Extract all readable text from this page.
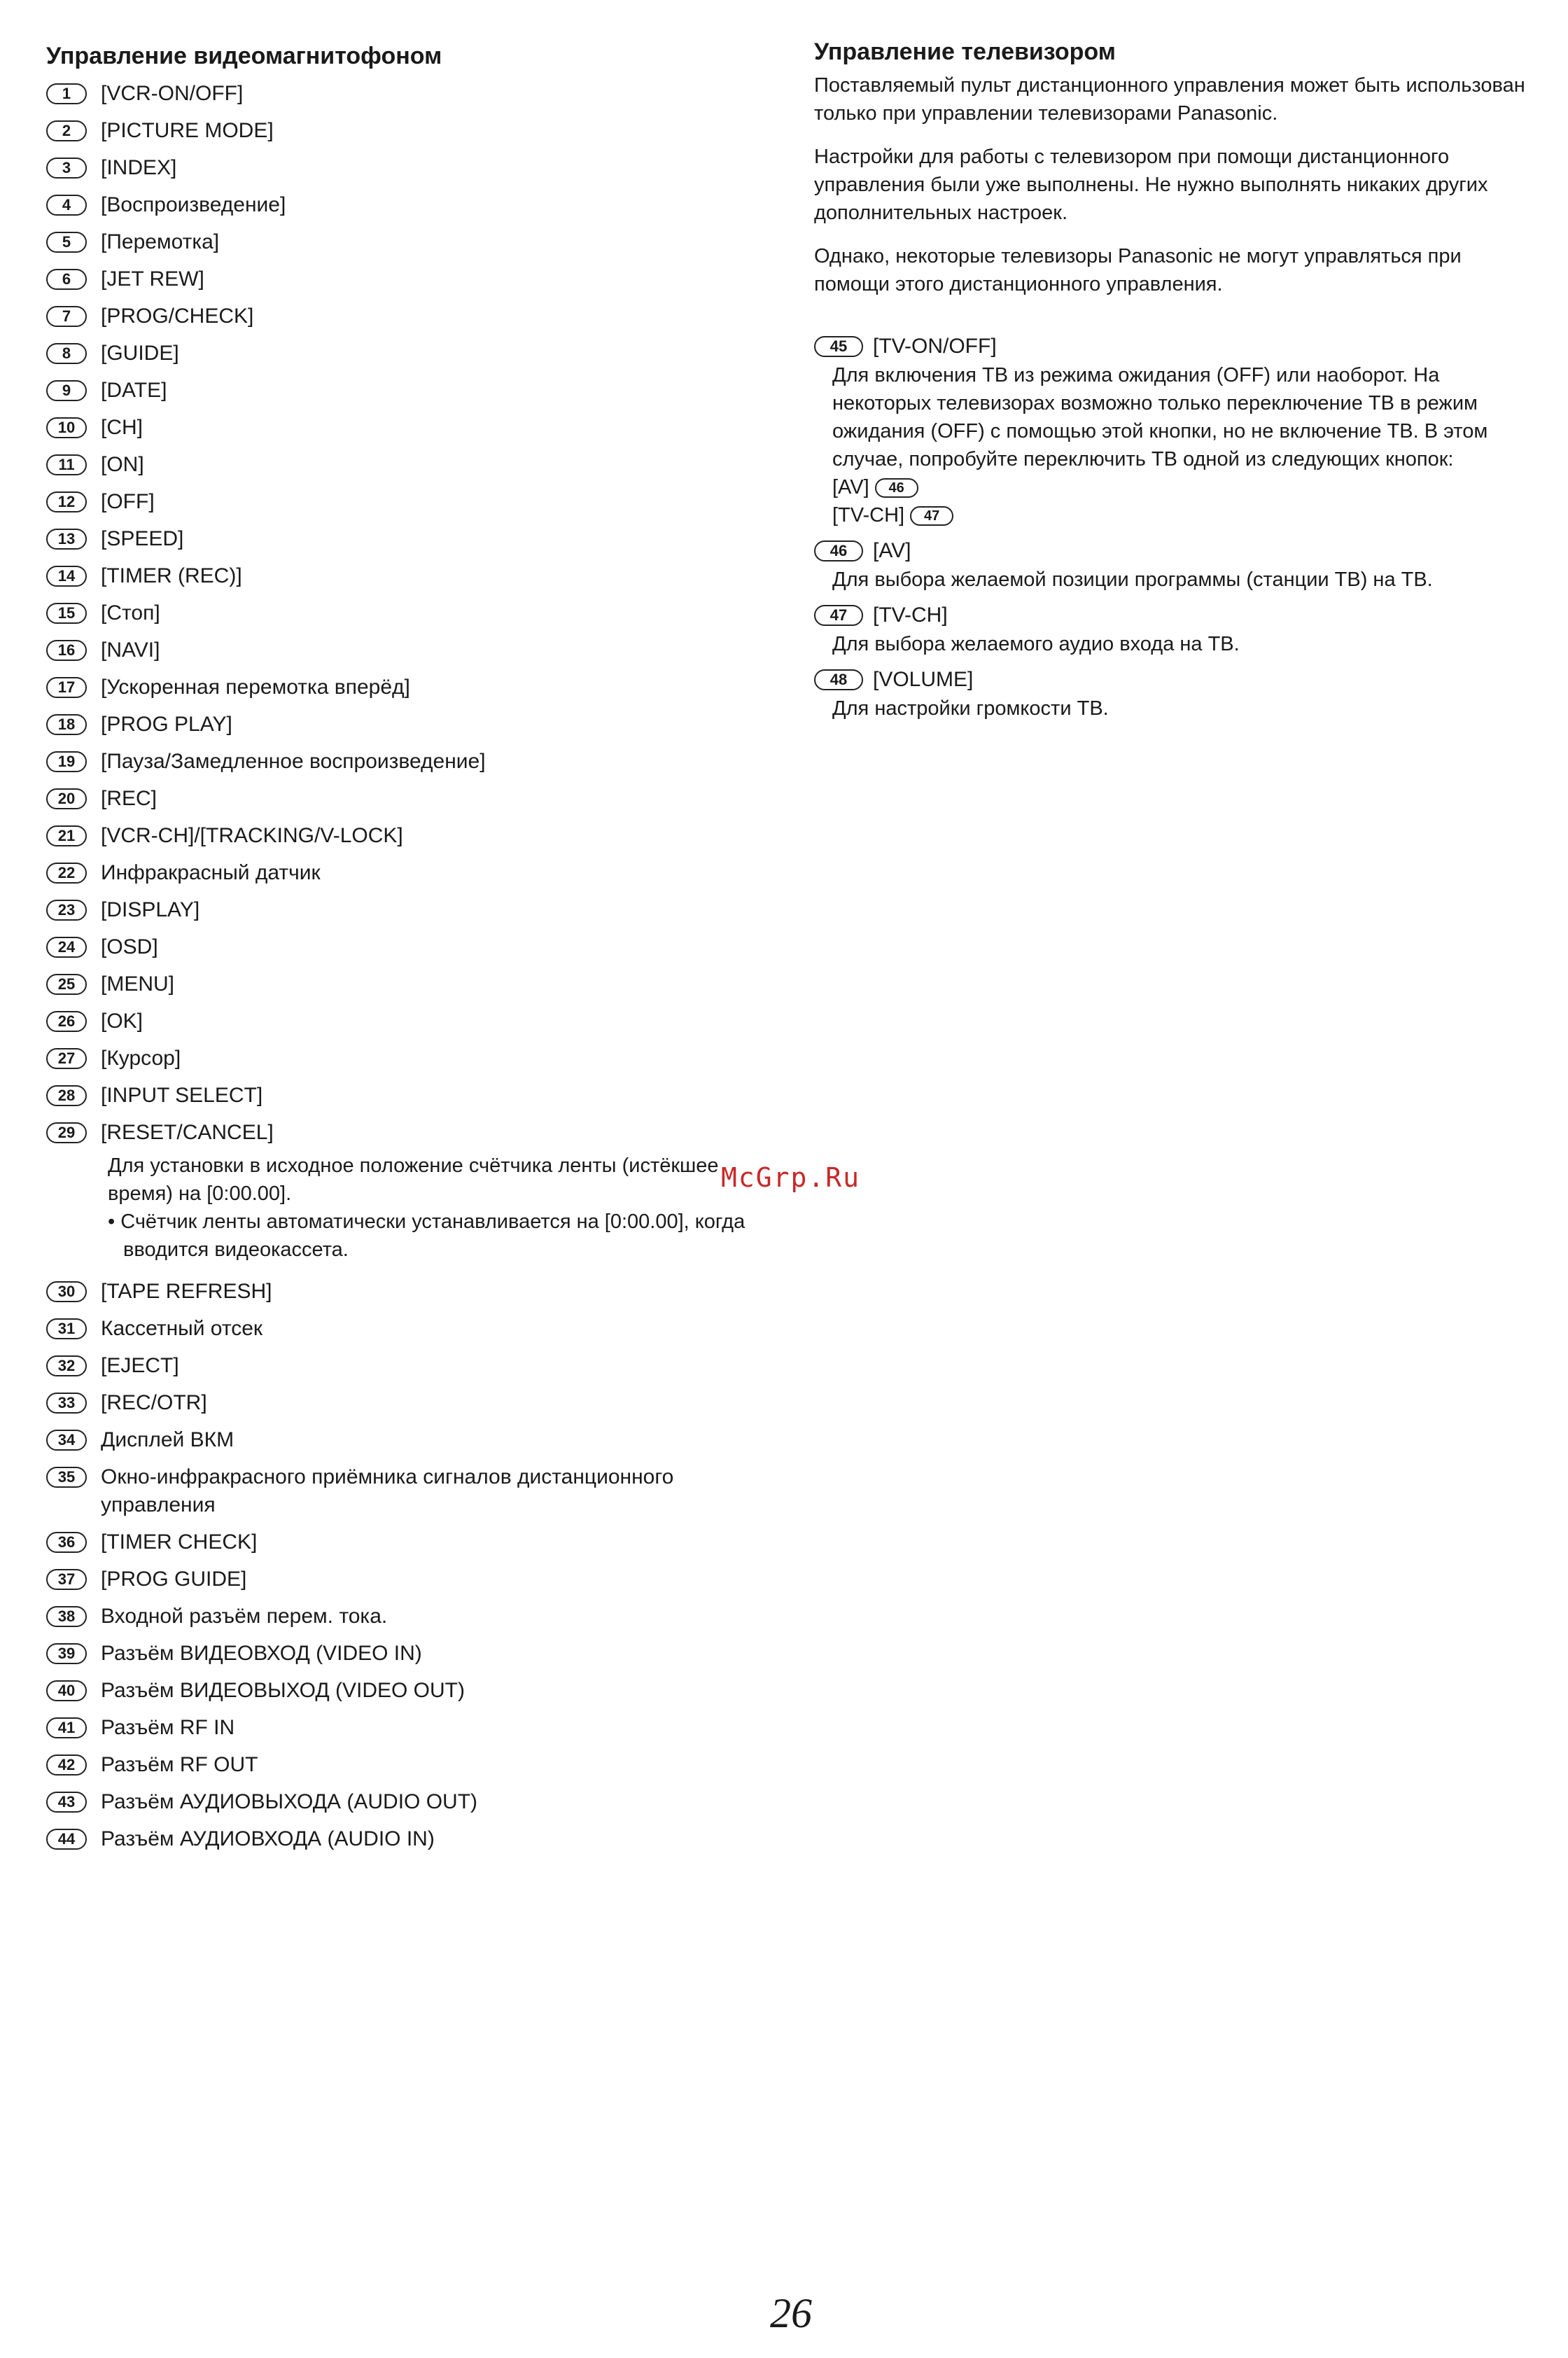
Управление видеомагнитофоном
1	[VCR-ON/OFF]
2	[PICTURE MODE]
3	[INDEX]
4	[Воспроизведение]
5	[Перемотка]
6	[JET REW]
7	[PROG/CHECK]
8	[GUIDE]
9	[DATE]
10	[CH]
11	[ON]
12	[OFF]
13	[SPEED]
14	[TIMER (REC)]
15	[Стоп]
16	[NAVI]
17	[Ускоренная перемотка вперёд]
18	[PROG PLAY]
19	[Пауза/Замедленное воспроизведение]
20	[REC]
21	[VCR-CH]/[TRACKING/V-LOCK]
22	Инфракрасный датчик
23	[DISPLAY]
24	[OSD]
25	[MENU]
26	[OK]
27	[Курсор]
28	[INPUT SELECT]
29	[RESET/CANCEL]
Для установки в исходное положение счётчика ленты (истёкшее время) на [0:00.00].
• Счётчик ленты автоматически устанавливается на [0:00.00], когда вводится видеокассета.
30	[TAPE REFRESH]
31	Кассетный отсек
32	[EJECT]
33	[REC/OTR]
34	Дисплей ВКМ
35	Окно-инфракрасного приёмника сигналов дистанционного управления
36	[TIMER CHECK]
37	[PROG GUIDE]
38	Входной разъём перем. тока.
39	Разъём ВИДЕОВХОД (VIDEO IN)
40	Разъём ВИДЕОВЫХОД (VIDEO OUT)
41	Разъём RF IN
42	Разъём RF OUT
43	Разъём АУДИОВЫХОДА (AUDIO OUT)
44	Разъём АУДИОВХОДА (AUDIO IN)
Управление телевизором

Поставляемый пульт дистанционного управления может быть использован только при управлении телевизорами Panasonic.

Настройки для работы с телевизором при помощи дистанционного управления были уже выполнены. Не нужно выполнять никаких других дополнительных настроек.

Однако, некоторые телевизоры Panasonic не могут управляться при помощи этого дистанционного управления.

45	[TV-ON/OFF]
Для включения ТВ из режима ожидания (OFF) или наоборот. На некоторых телевизорах возможно только переключение ТВ в режим ожидания (OFF) с помощью этой кнопки, но не включение ТВ. В этом случае, попробуйте переключить ТВ одной из следующих кнопок:
[AV] 46
[TV-CH] 47
46	[AV]
Для выбора желаемой позиции программы (станции ТВ) на ТВ.
47	[TV-CH]
Для выбора желаемого аудио входа на ТВ.
48	[VOLUME]
Для настройки громкости ТВ.
McGrp.Ru
26
